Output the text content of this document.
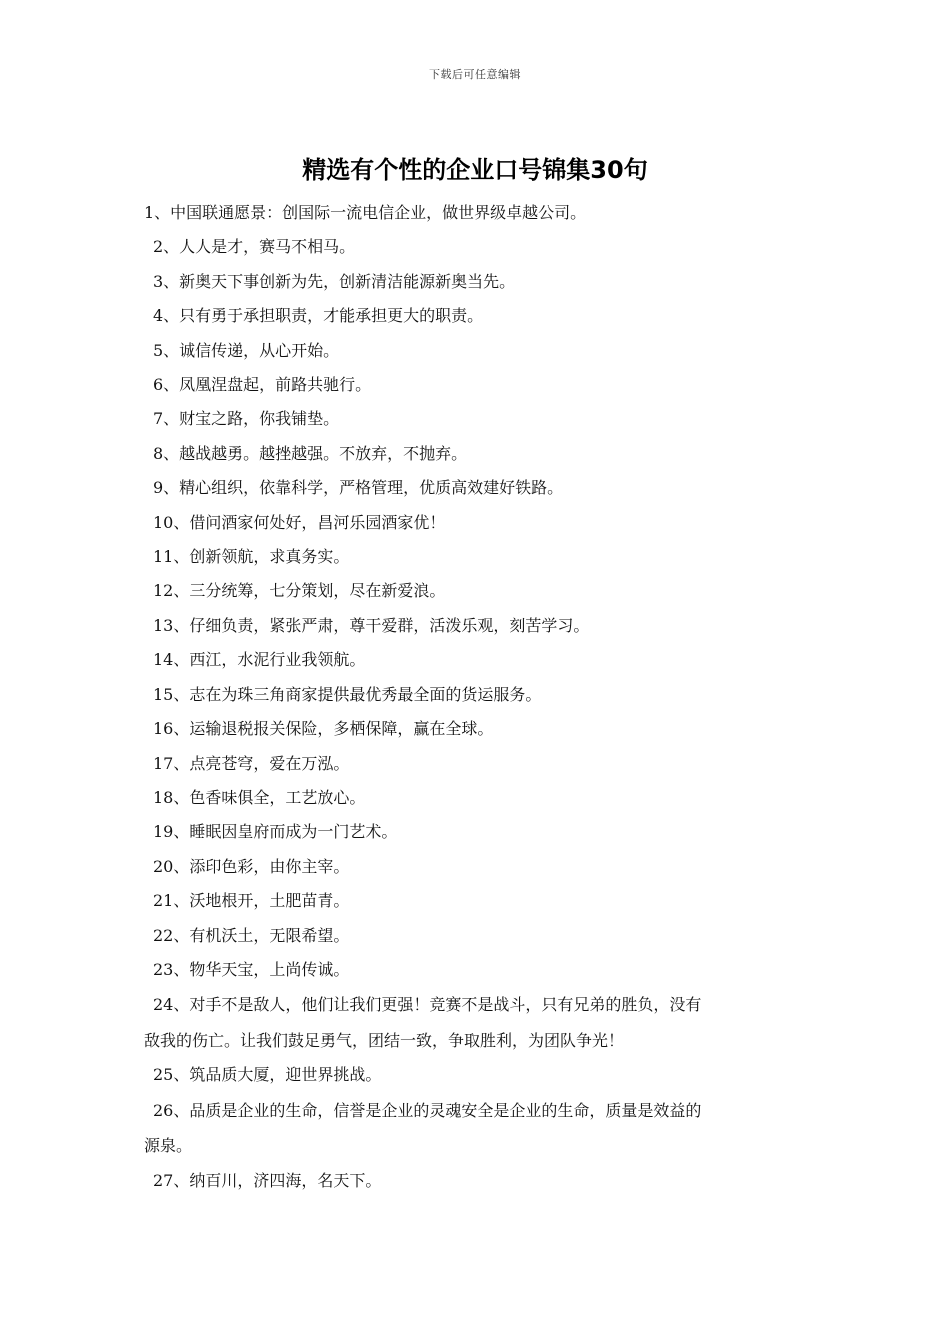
下载后可任意编辑
精选有个性的企业口号锦集30句
1、中国联通愿景：创国际一流电信企业，做世界级卓越公司。
2、人人是才，赛马不相马。
3、新奥天下事创新为先，创新清洁能源新奥当先。
4、只有勇于承担职责，才能承担更大的职责。
5、诚信传递，从心开始。
6、凤凰涅盘起，前路共驰行。
7、财宝之路，你我铺垫。
8、越战越勇。越挫越强。不放弃，不抛弃。
9、精心组织，依靠科学，严格管理，优质高效建好铁路。
10、借问酒家何处好，昌河乐园酒家优！
11、创新领航，求真务实。
12、三分统筹，七分策划，尽在新爱浪。
13、仔细负责，紧张严肃，尊干爱群，活泼乐观，刻苦学习。
14、西江，水泥行业我领航。
15、志在为珠三角商家提供最优秀最全面的货运服务。
16、运输退税报关保险，多栖保障，赢在全球。
17、点亮苍穹，爱在万泓。
18、色香味俱全，工艺放心。
19、睡眠因皇府而成为一门艺术。
20、添印色彩，由你主宰。
21、沃地根开，土肥苗青。
22、有机沃土，无限希望。
23、物华天宝，上尚传诚。
24、对手不是敌人，他们让我们更强！竞赛不是战斗，只有兄弟的胜负，没有
敌我的伤亡。让我们鼓足勇气，团结一致，争取胜利，为团队争光！
25、筑品质大厦，迎世界挑战。
26、品质是企业的生命，信誉是企业的灵魂安全是企业的生命，质量是效益的
源泉。
27、纳百川，济四海，名天下。
